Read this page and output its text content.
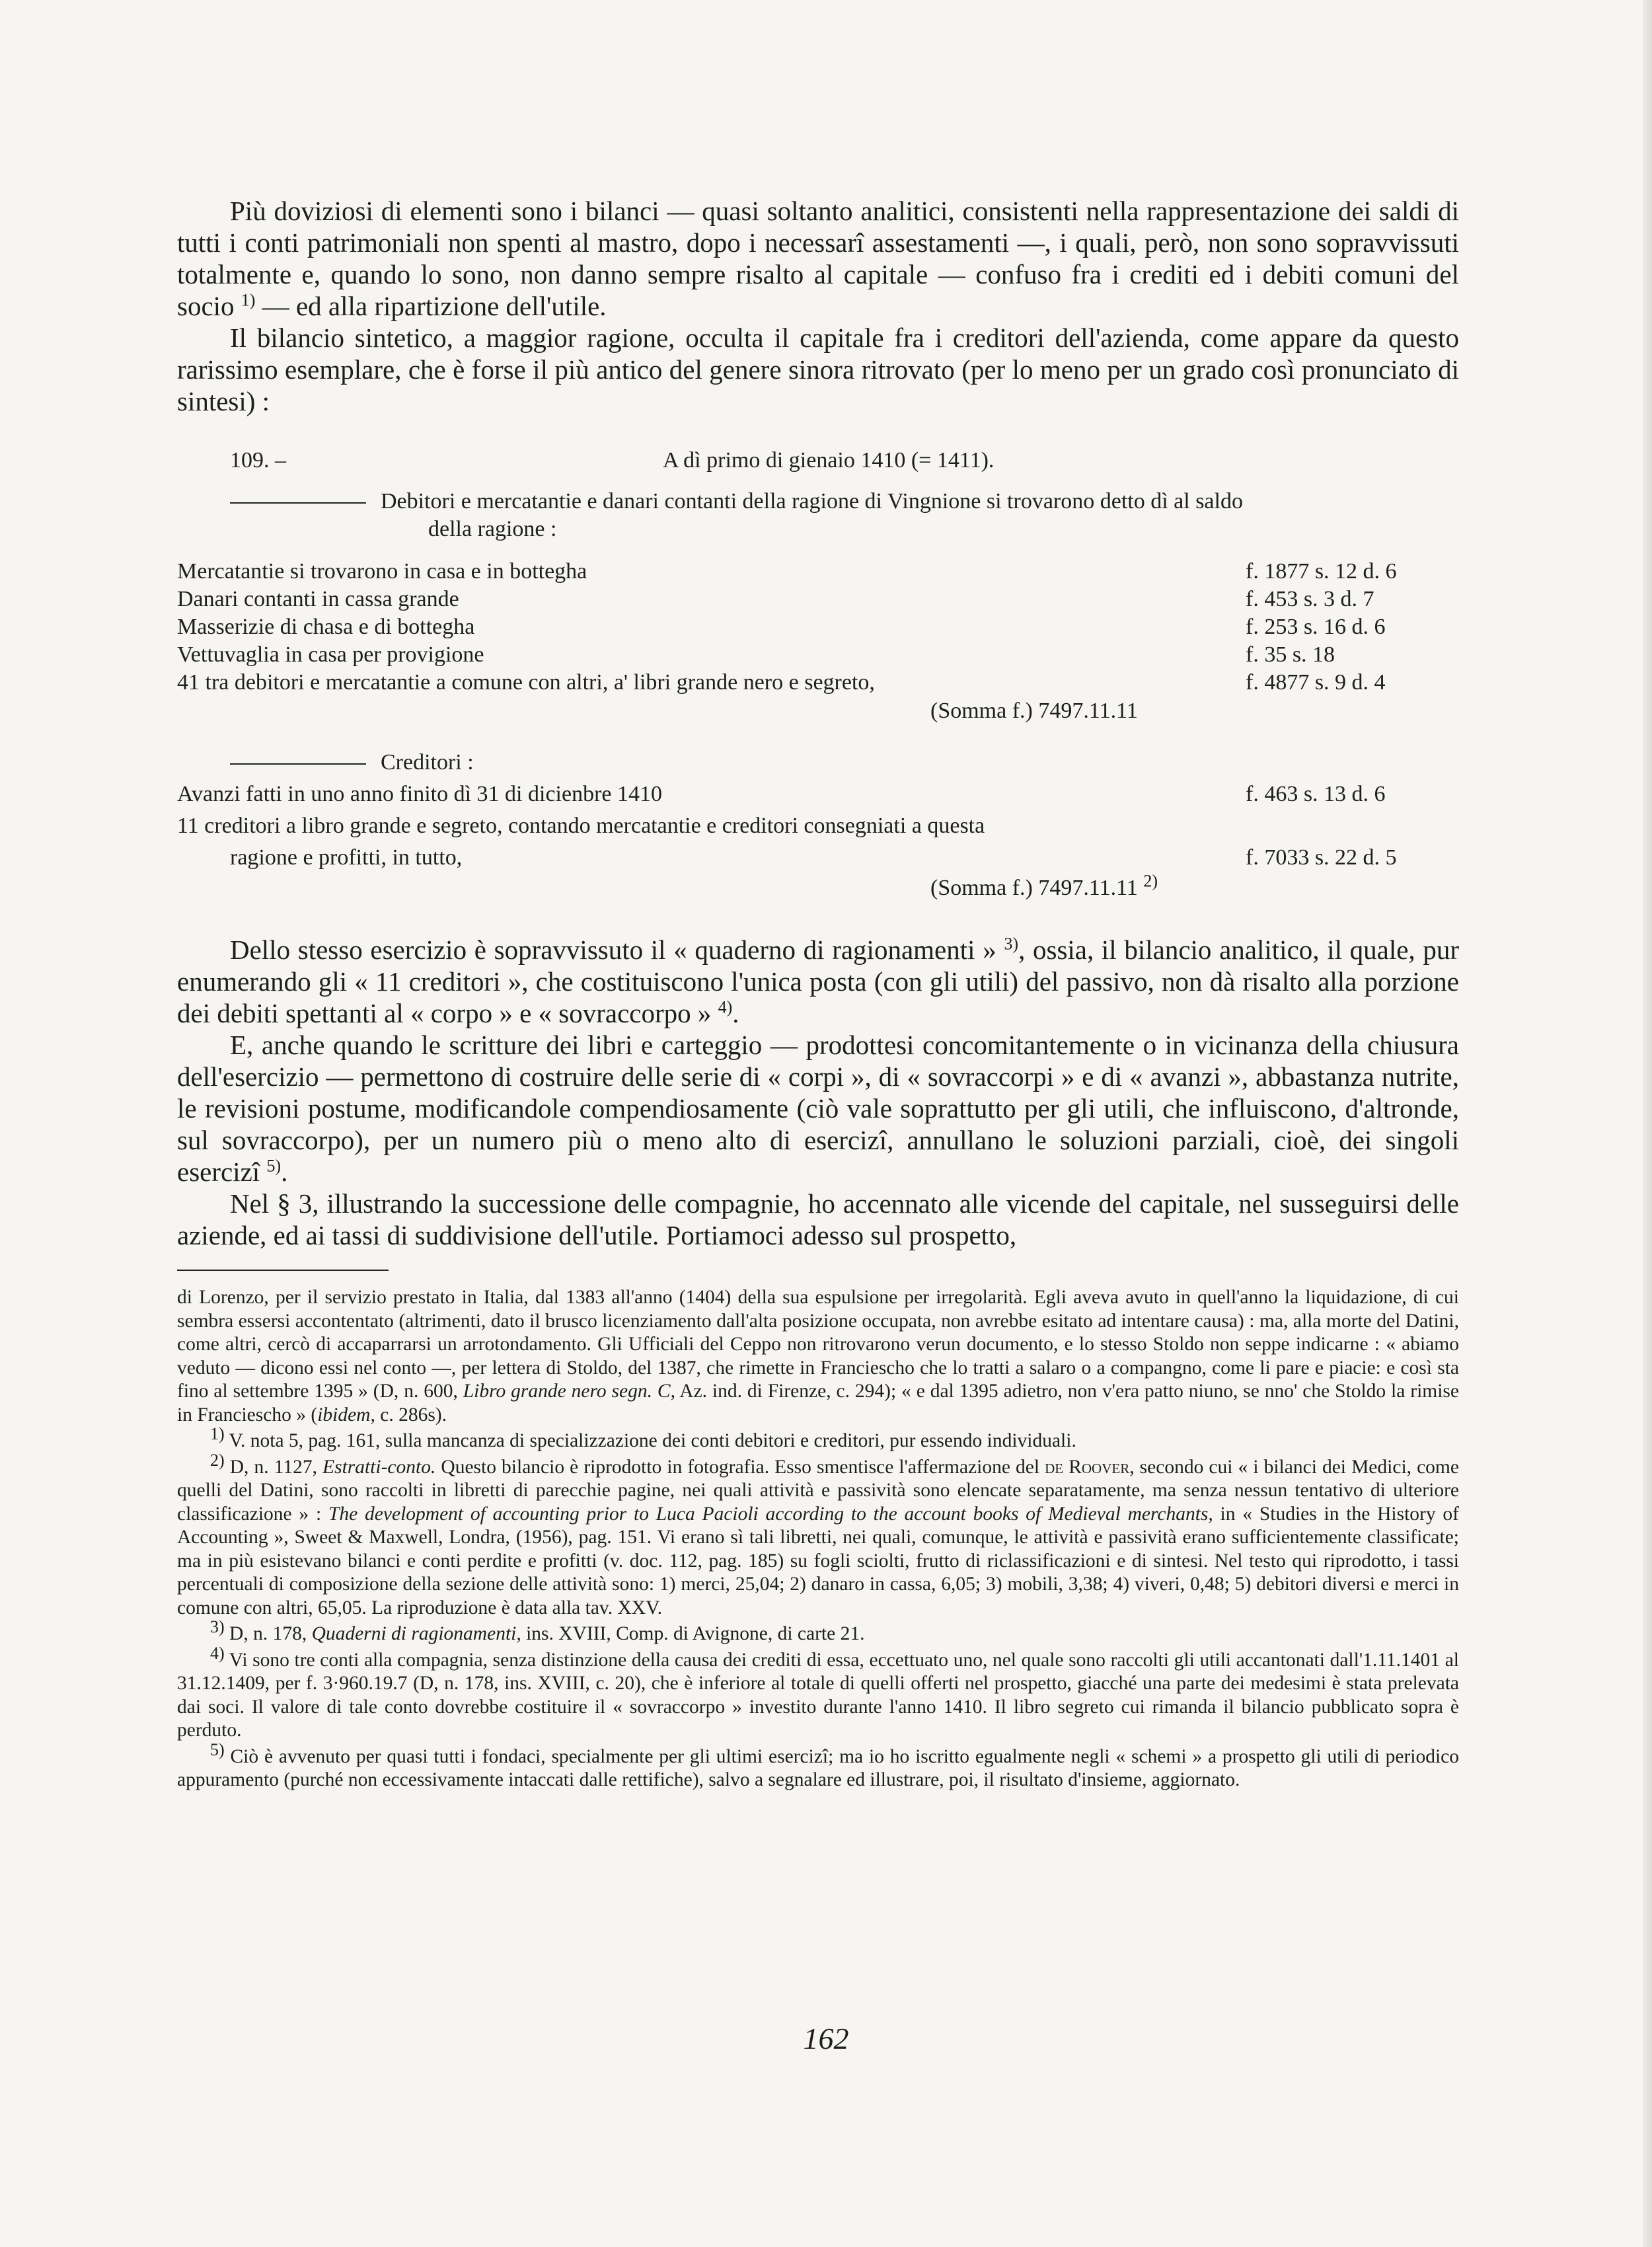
Più doviziosi di elementi sono i bilanci — quasi soltanto analitici, consistenti nella rappresentazione dei saldi di tutti i conti patrimoniali non spenti al mastro, dopo i necessarî assestamenti —, i quali, però, non sono sopravvissuti totalmente e, quando lo sono, non danno sempre risalto al capitale — confuso fra i crediti ed i debiti comuni del socio $^{1)}$ — ed alla ripartizione dell'utile.

Il bilancio sintetico, a maggior ragione, occulta il capitale fra i creditori dell'azienda, come appare da questo rarissimo esemplare, che è forse il più antico del genere sinora ritrovato (per lo meno per un grado così pronunciato di sintesi) :

109. –	A dì primo di gienaio 1410 (= 1411).
Debitori e mercatantie e danari contanti della ragione di Vingnione si trovarono detto dì al saldo
della ragione :
Mercatantie si trovarono in casa e in bottegha	f. 1877 s. 12 d. 6
Danari contanti in cassa grande	f. 453 s. 3 d. 7
Masserizie di chasa e di bottegha	f. 253 s. 16 d. 6
Vettuvaglia in casa per provigione	f. 35 s. 18
41 tra debitori e mercatantie a comune con altri, a' libri grande nero e segreto,	f. 4877 s. 9 d. 4
(Somma f.) 7497.11.11
Creditori :
Avanzi fatti in uno anno finito dì 31 di dicienbre 1410	f. 463 s. 13 d. 6
11 creditori a libro grande e segreto, contando mercatantie e creditori consegniati a questa
ragione e profitti, in tutto,	f. 7033 s. 22 d. 5
(Somma f.) 7497.11.11 $^{2)}$

Dello stesso esercizio è sopravvissuto il « quaderno di ragionamenti » $^{3)}$, ossia, il bilancio analitico, il quale, pur enumerando gli « 11 creditori », che costituiscono l'unica posta (con gli utili) del passivo, non dà risalto alla porzione dei debiti spettanti al « corpo » e « sovraccorpo » $^{4)}$.

E, anche quando le scritture dei libri e carteggio — prodottesi concomitantemente o in vicinanza della chiusura dell'esercizio — permettono di costruire delle serie di « corpi », di « sovraccorpi » e di « avanzi », abbastanza nutrite, le revisioni postume, modificandole compendiosamente (ciò vale soprattutto per gli utili, che influiscono, d'altronde, sul sovraccorpo), per un numero più o meno alto di esercizî, annullano le soluzioni parziali, cioè, dei singoli esercizî $^{5)}$.

Nel § 3, illustrando la successione delle compagnie, ho accennato alle vicende del capitale, nel susseguirsi delle aziende, ed ai tassi di suddivisione dell'utile. Portiamoci adesso sul prospetto,

di Lorenzo, per il servizio prestato in Italia, dal 1383 all'anno (1404) della sua espulsione per irregolarità. Egli aveva avuto in quell'anno la liquidazione, di cui sembra essersi accontentato (altrimenti, dato il brusco licenziamento dall'alta posizione occupata, non avrebbe esitato ad intentare causa) : ma, alla morte del Datini, come altri, cercò di accaparrarsi un arrotondamento. Gli Ufficiali del Ceppo non ritrovarono verun documento, e lo stesso Stoldo non seppe indicarne : « abiamo veduto — dicono essi nel conto —, per lettera di Stoldo, del 1387, che rimette in Franciescho che lo tratti a salaro o a compangno, come li pare e piacie: e così sta fino al settembre 1395 » (D, n. 600, Libro grande nero segn. C, Az. ind. di Firenze, c. 294); « e dal 1395 adietro, non v'era patto niuno, se nno' che Stoldo la rimise in Franciescho » (ibidem, c. 286s).

$^{1)}$ V. nota 5, pag. 161, sulla mancanza di specializzazione dei conti debitori e creditori, pur essendo individuali.

$^{2)}$ D, n. 1127, Estratti-conto. Questo bilancio è riprodotto in fotografia. Esso smentisce l'affermazione del de Roover, secondo cui « i bilanci dei Medici, come quelli del Datini, sono raccolti in libretti di parecchie pagine, nei quali attività e passività sono elencate separatamente, ma senza nessun tentativo di ulteriore classificazione » : The development of accounting prior to Luca Pacioli according to the account books of Medieval merchants, in « Studies in the History of Accounting », Sweet & Maxwell, Londra, (1956), pag. 151. Vi erano sì tali libretti, nei quali, comunque, le attività e passività erano sufficientemente classificate; ma in più esistevano bilanci e conti perdite e profitti (v. doc. 112, pag. 185) su fogli sciolti, frutto di riclassificazioni e di sintesi. Nel testo qui riprodotto, i tassi percentuali di composizione della sezione delle attività sono: 1) merci, 25,04; 2) danaro in cassa, 6,05; 3) mobili, 3,38; 4) viveri, 0,48; 5) debitori diversi e merci in comune con altri, 65,05. La riproduzione è data alla tav. XXV.

$^{3)}$ D, n. 178, Quaderni di ragionamenti, ins. XVIII, Comp. di Avignone, di carte 21.

$^{4)}$ Vi sono tre conti alla compagnia, senza distinzione della causa dei crediti di essa, eccettuato uno, nel quale sono raccolti gli utili accantonati dall'1.11.1401 al 31.12.1409, per f. 3·960.19.7 (D, n. 178, ins. XVIII, c. 20), che è inferiore al totale di quelli offerti nel prospetto, giacché una parte dei medesimi è stata prelevata dai soci. Il valore di tale conto dovrebbe costituire il « sovraccorpo » investito durante l'anno 1410. Il libro segreto cui rimanda il bilancio pubblicato sopra è perduto.

$^{5)}$ Ciò è avvenuto per quasi tutti i fondaci, specialmente per gli ultimi esercizî; ma io ho iscritto egualmente negli « schemi » a prospetto gli utili di periodico appuramento (purché non eccessivamente intaccati dalle rettifiche), salvo a segnalare ed illustrare, poi, il risultato d'insieme, aggiornato.

162
